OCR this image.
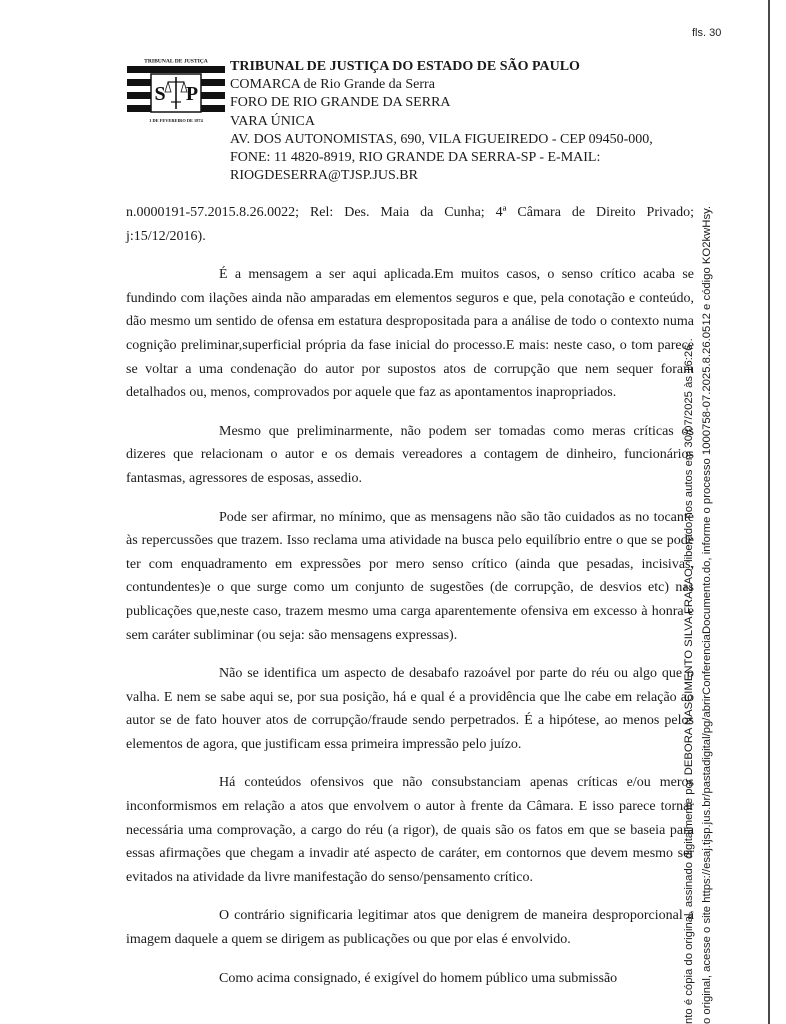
fls. 30
TRIBUNAL DE JUSTIÇA
S P
1 DE FEVEREIRO DE 1874
TRIBUNAL DE JUSTIÇA DO ESTADO DE SÃO PAULO
COMARCA de Rio Grande da Serra
FORO DE RIO GRANDE DA SERRA
VARA ÚNICA
AV. DOS AUTONOMISTAS, 690, VILA FIGUEIREDO - CEP 09450-000,
FONE: 11 4820-8919, RIO GRANDE DA SERRA-SP - E-MAIL:
RIOGDESERRA@TJSP.JUS.BR

n.0000191-57.2015.8.26.0022; Rel: Des. Maia da Cunha; 4ª Câmara de Direito Privado; j:15/12/2016).

É a mensagem a ser aqui aplicada.Em muitos casos, o senso crítico acaba se fundindo com ilações ainda não amparadas em elementos seguros e que, pela conotação e conteúdo, dão mesmo um sentido de ofensa em estatura despropositada para a análise de todo o contexto numa cognição preliminar,superficial própria da fase inicial do processo.E mais: neste caso, o tom parece se voltar a uma condenação do autor por supostos atos de corrupção que nem sequer foram detalhados ou, menos, comprovados por aquele que faz as apontamentos inapropriados.

Mesmo que preliminarmente, não podem ser tomadas como meras críticas os dizeres que relacionam o autor e os demais vereadores a contagem de dinheiro, funcionários fantasmas, agressores de esposas, assedio.

Pode ser afirmar, no mínimo, que as mensagens não são tão cuidados as no tocante às repercussões que trazem. Isso reclama uma atividade na busca pelo equilíbrio entre o que se pode ter com enquadramento em expressões por mero senso crítico (ainda que pesadas, incisivas, contundentes)e o que surge como um conjunto de sugestões (de corrupção, de desvios etc) nas publicações que,neste caso, trazem mesmo uma carga aparentemente ofensiva em excesso à honra e sem caráter subliminar (ou seja: são mensagens expressas).

Não se identifica um aspecto de desabafo razoável por parte do réu ou algo que o valha. E nem se sabe aqui se, por sua posição, há e qual é a providência que lhe cabe em relação ao autor se de fato houver atos de corrupção/fraude sendo perpetrados. É a hipótese, ao menos pelos elementos de agora, que justificam essa primeira impressão pelo juízo.

Há conteúdos ofensivos que não consubstanciam apenas críticas e/ou meros inconformismos em relação a atos que envolvem o autor à frente da Câmara. E isso parece tornar necessária uma comprovação, a cargo do réu (a rigor), de quais são os fatos em que se baseia para essas afirmações que chegam a invadir até aspecto de caráter, em contornos que devem mesmo ser evitados na atividade da livre manifestação do senso/pensamento crítico.

O contrário significaria legitimar atos que denigrem de maneira desproporcional a imagem daquele a quem se dirigem as publicações ou que por elas é envolvido.

Como acima consignado, é exigível do homem público uma submissão	nto é cópia do original, assinado digitalmente por DEBORA NASCIMENTO SILVA FRAZAO, liberado nos autos em 30/07/2025 às 16:26 . o original, acesse o site https://esaj.tjsp.jus.br/pastadigital/pg/abrirConferenciaDocumento.do, informe o processo 1000758-07.2025.8.26.0512 e código KO2kwHsy.
